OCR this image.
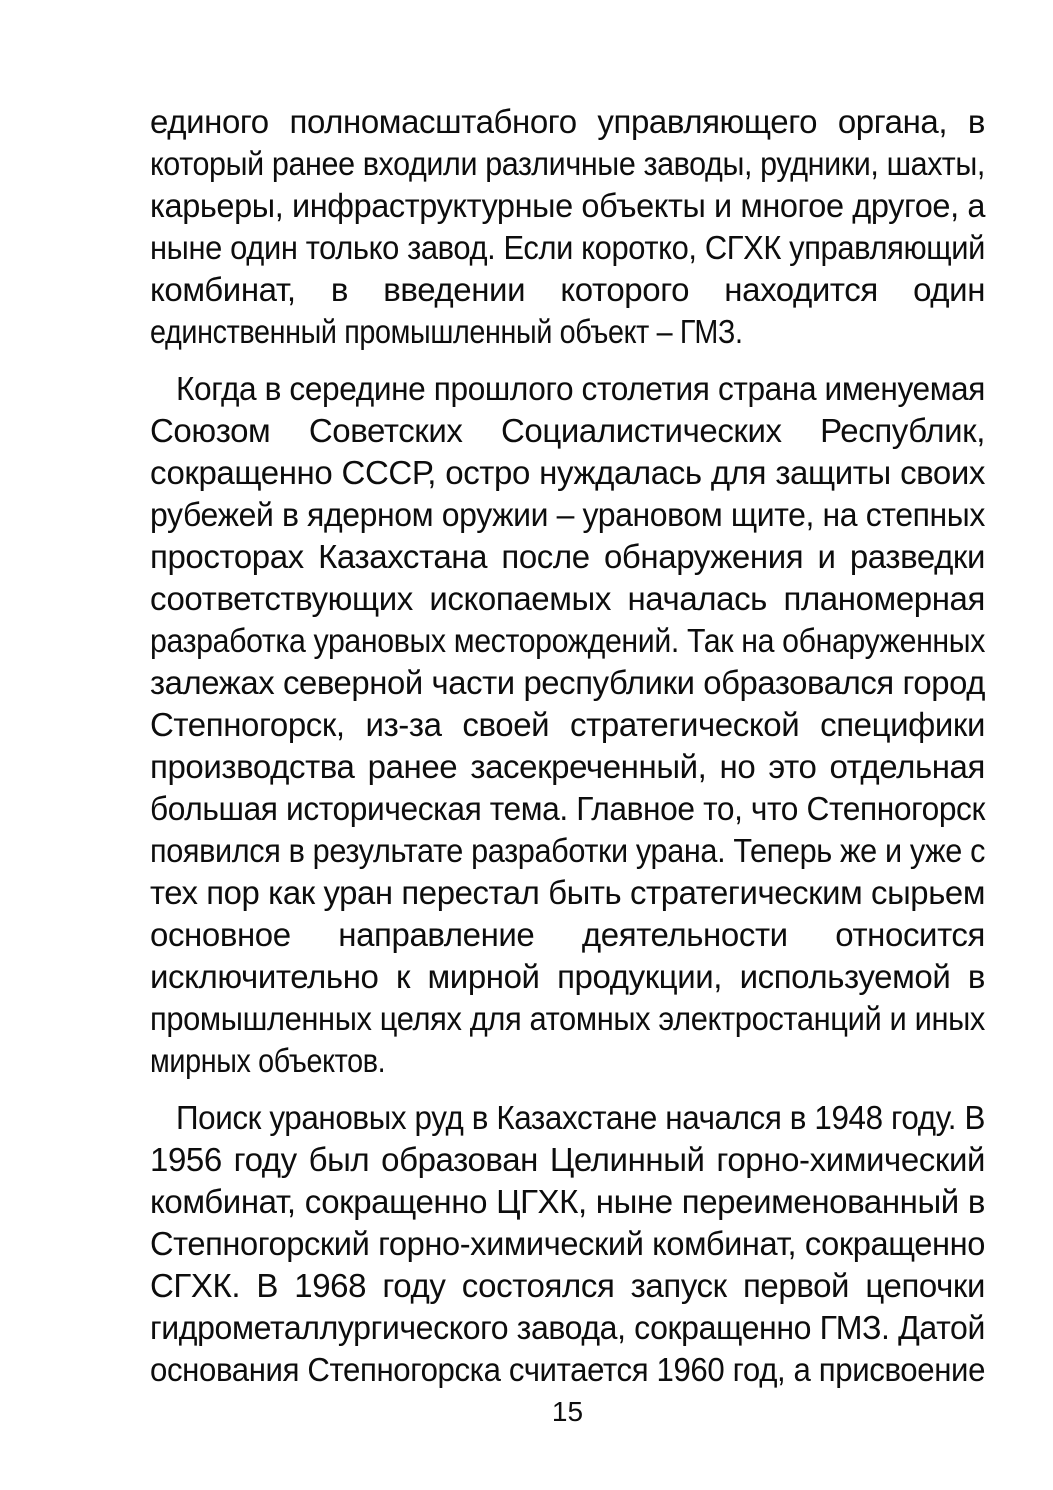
единого полномасштабного управляющего органа, в
который ранее входили различные заводы, рудники, шахты,
карьеры, инфраструктурные объекты и многое другое, а
ныне один только завод. Если коротко, СГХК управляющий
комбинат, в введении которого находится один
единственный промышленный объект – ГМЗ.
Когда в середине прошлого столетия страна именуемая
Союзом Советских Социалистических Республик,
сокращенно СССР, остро нуждалась для защиты своих
рубежей в ядерном оружии – урановом щите, на степных
просторах Казахстана после обнаружения и разведки
соответствующих ископаемых началась планомерная
разработка урановых месторождений. Так на обнаруженных
залежах северной части республики образовался город
Степногорск, из-за своей стратегической специфики
производства ранее засекреченный, но это отдельная
большая историческая тема. Главное то, что Степногорск
появился в результате разработки урана. Теперь же и уже с
тех пор как уран перестал быть стратегическим сырьем
основное направление деятельности относится
исключительно к мирной продукции, используемой в
промышленных целях для атомных электростанций и иных
мирных объектов.
Поиск урановых руд в Казахстане начался в 1948 году. В
1956 году был образован Целинный горно-химический
комбинат, сокращенно ЦГХК, ныне переименованный в
Степногорский горно-химический комбинат, сокращенно
СГХК. В 1968 году состоялся запуск первой цепочки
гидрометаллургического завода, сокращенно ГМЗ. Датой
основания Степногорска считается 1960 год, а присвоение
15
